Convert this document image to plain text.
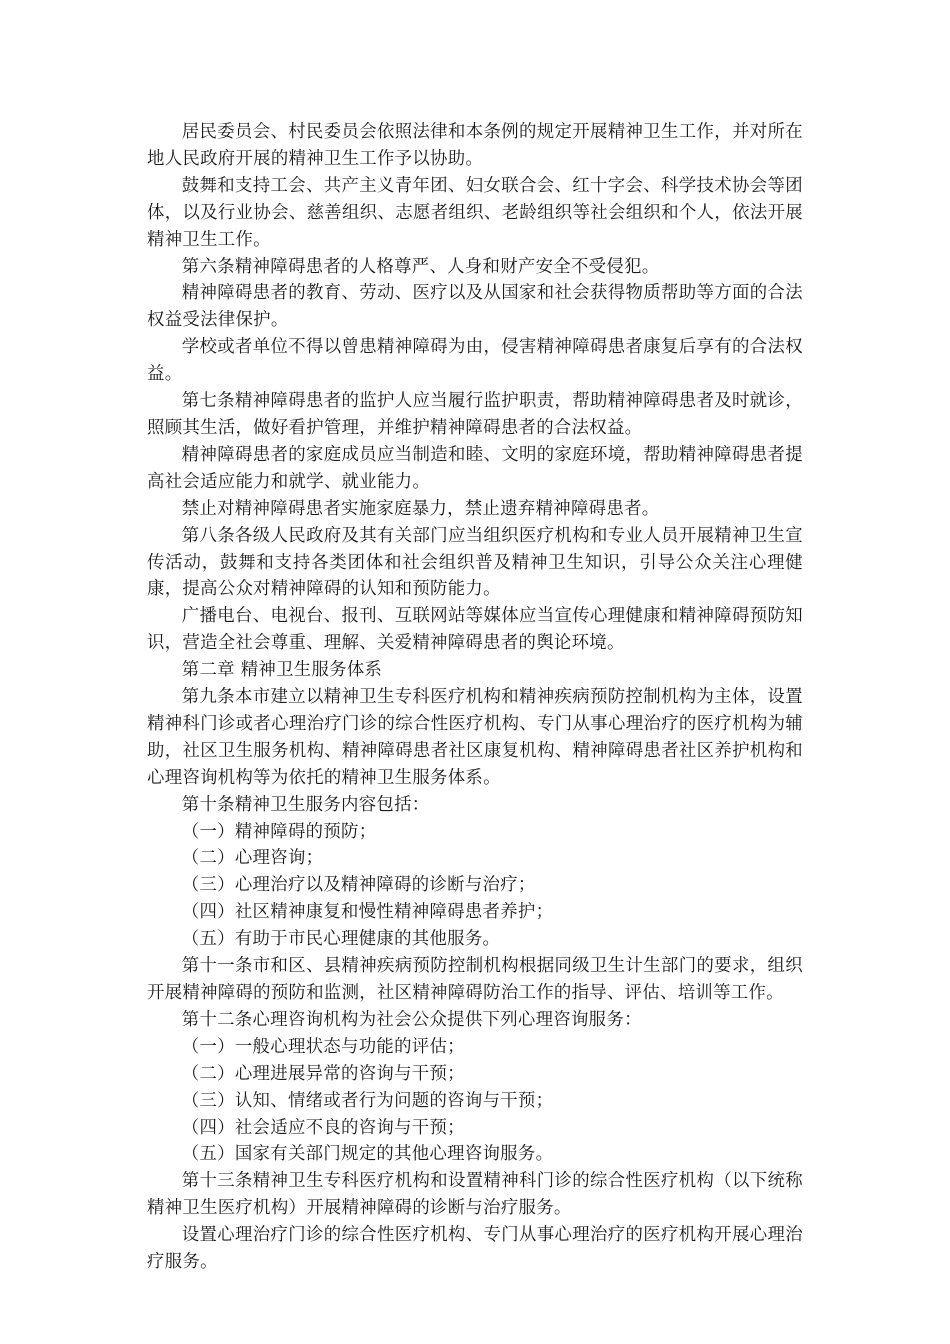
居民委员会、村民委员会依照法律和本条例的规定开展精神卫生工作，并对所在地人民政府开展的精神卫生工作予以协助。

鼓舞和支持工会、共产主义青年团、妇女联合会、红十字会、科学技术协会等团体，以及行业协会、慈善组织、志愿者组织、老龄组织等社会组织和个人，依法开展精神卫生工作。

第六条精神障碍患者的人格尊严、人身和财产安全不受侵犯。

精神障碍患者的教育、劳动、医疗以及从国家和社会获得物质帮助等方面的合法权益受法律保护。

学校或者单位不得以曾患精神障碍为由，侵害精神障碍患者康复后享有的合法权益。

第七条精神障碍患者的监护人应当履行监护职责，帮助精神障碍患者及时就诊，照顾其生活，做好看护管理，并维护精神障碍患者的合法权益。

精神障碍患者的家庭成员应当制造和睦、文明的家庭环境，帮助精神障碍患者提高社会适应能力和就学、就业能力。

禁止对精神障碍患者实施家庭暴力，禁止遗弃精神障碍患者。

第八条各级人民政府及其有关部门应当组织医疗机构和专业人员开展精神卫生宣传活动，鼓舞和支持各类团体和社会组织普及精神卫生知识，引导公众关注心理健康，提高公众对精神障碍的认知和预防能力。

广播电台、电视台、报刊、互联网站等媒体应当宣传心理健康和精神障碍预防知识，营造全社会尊重、理解、关爱精神障碍患者的舆论环境。

第二章 精神卫生服务体系

第九条本市建立以精神卫生专科医疗机构和精神疾病预防控制机构为主体，设置精神科门诊或者心理治疗门诊的综合性医疗机构、专门从事心理治疗的医疗机构为辅助，社区卫生服务机构、精神障碍患者社区康复机构、精神障碍患者社区养护机构和心理咨询机构等为依托的精神卫生服务体系。

第十条精神卫生服务内容包括：

（一）精神障碍的预防；

（二）心理咨询；

（三）心理治疗以及精神障碍的诊断与治疗；

（四）社区精神康复和慢性精神障碍患者养护；

（五）有助于市民心理健康的其他服务。

第十一条市和区、县精神疾病预防控制机构根据同级卫生计生部门的要求，组织开展精神障碍的预防和监测，社区精神障碍防治工作的指导、评估、培训等工作。

第十二条心理咨询机构为社会公众提供下列心理咨询服务：

（一）一般心理状态与功能的评估；

（二）心理进展异常的咨询与干预；

（三）认知、情绪或者行为问题的咨询与干预；

（四）社会适应不良的咨询与干预；

（五）国家有关部门规定的其他心理咨询服务。

第十三条精神卫生专科医疗机构和设置精神科门诊的综合性医疗机构（以下统称精神卫生医疗机构）开展精神障碍的诊断与治疗服务。

设置心理治疗门诊的综合性医疗机构、专门从事心理治疗的医疗机构开展心理治疗服务。
